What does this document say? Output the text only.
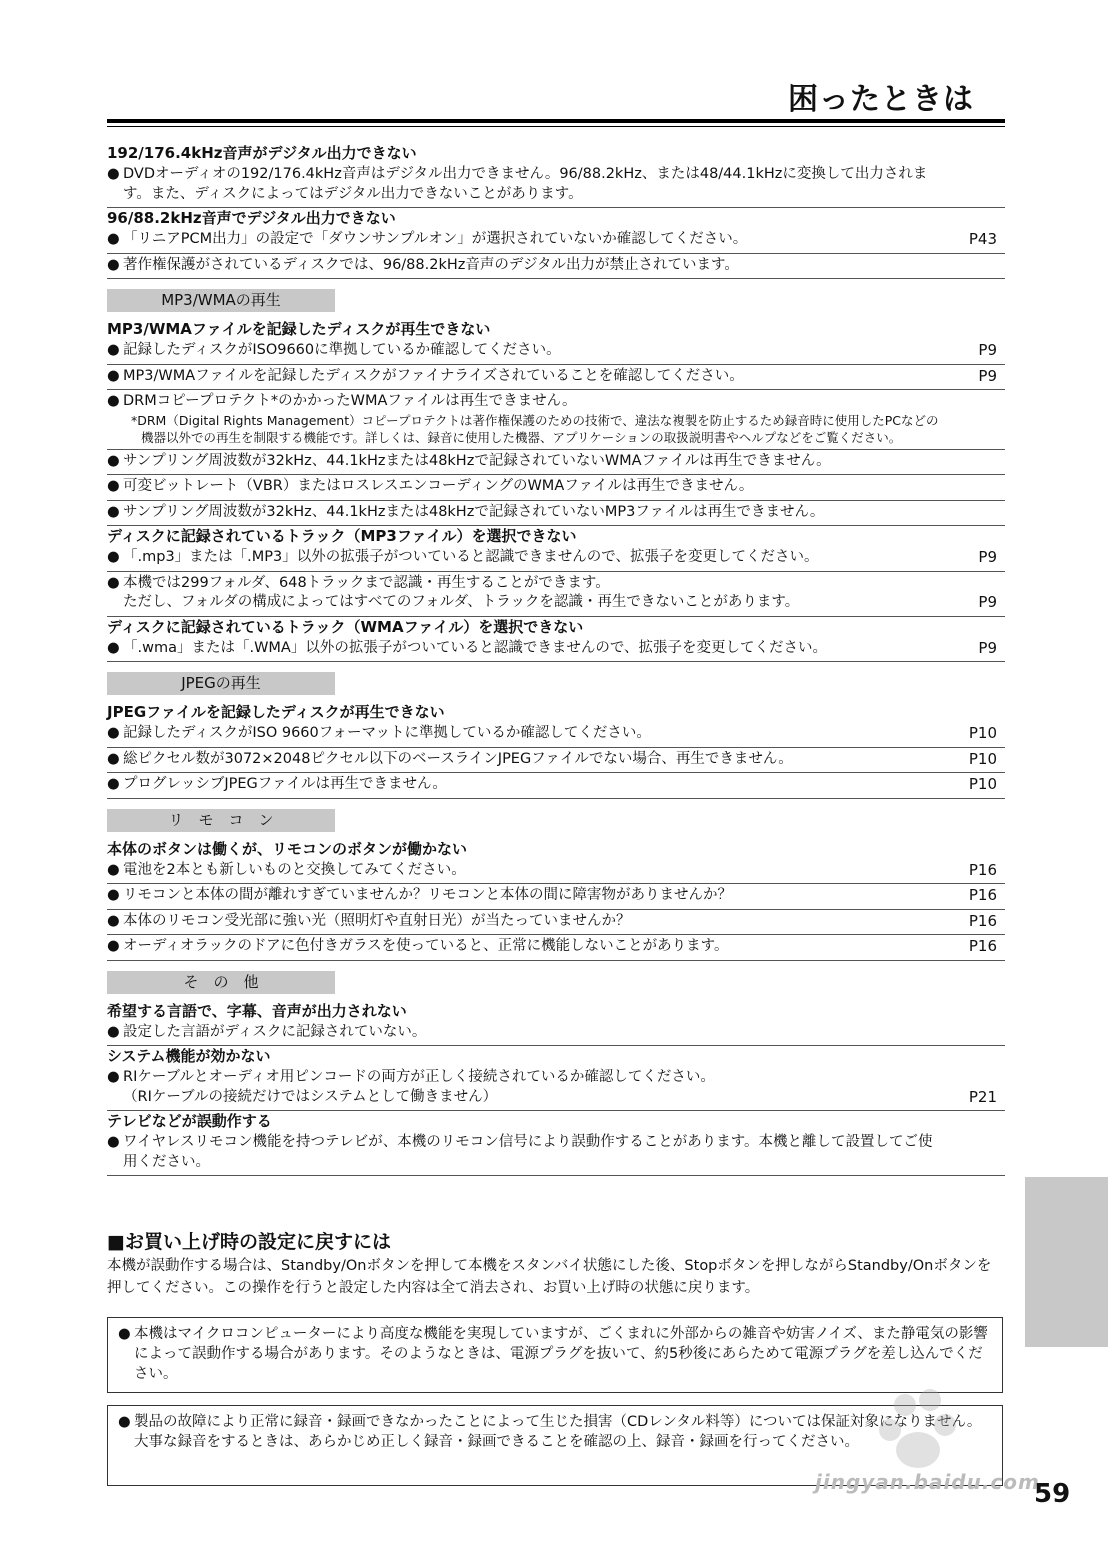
困ったときは
192/176.4kHz音声がデジタル出力できない
● DVDオーディオの192/176.4kHz音声はデジタル出力できません。96/88.2kHz、または48/44.1kHzに変換して出力されます。また、ディスクによってはデジタル出力できないことがあります。
96/88.2kHz音声でデジタル出力できない
● 「リニアPCM出力」の設定で「ダウンサンプルオン」が選択されていないか確認してください。	P43
● 著作権保護がされているディスクでは、96/88.2kHz音声のデジタル出力が禁止されています。
MP3/WMAの再生
MP3/WMAファイルを記録したディスクが再生できない
● 記録したディスクがISO9660に準拠しているか確認してください。	P9
● MP3/WMAファイルを記録したディスクがファイナライズされていることを確認してください。	P9
● DRMコピープロテクト*のかかったWMAファイルは再生できません。
*DRM（Digital Rights Management）コピープロテクトは著作権保護のための技術で、違法な複製を防止するため録音時に使用したPCなどの機器以外での再生を制限する機能です。詳しくは、録音に使用した機器、アプリケーションの取扱説明書やヘルプなどをご覧ください。
● サンプリング周波数が32kHz、44.1kHzまたは48kHzで記録されていないWMAファイルは再生できません。
● 可変ビットレート（VBR）またはロスレスエンコーディングのWMAファイルは再生できません。
● サンプリング周波数が32kHz、44.1kHzまたは48kHzで記録されていないMP3ファイルは再生できません。
ディスクに記録されているトラック（MP3ファイル）を選択できない
● 「.mp3」または「.MP3」以外の拡張子がついていると認識できませんので、拡張子を変更してください。	P9
● 本機では299フォルダ、648トラックまで認識・再生することができます。
ただし、フォルダの構成によってはすべてのフォルダ、トラックを認識・再生できないことがあります。	P9
ディスクに記録されているトラック（WMAファイル）を選択できない
● 「.wma」または「.WMA」以外の拡張子がついていると認識できませんので、拡張子を変更してください。	P9
JPEGの再生
JPEGファイルを記録したディスクが再生できない
● 記録したディスクがISO 9660フォーマットに準拠しているか確認してください。	P10
● 総ピクセル数が3072×2048ピクセル以下のベースラインJPEGファイルでない場合、再生できません。	P10
● プログレッシブJPEGファイルは再生できません。	P10
リ　モ　コ　ン
本体のボタンは働くが、リモコンのボタンが働かない
● 電池を2本とも新しいものと交換してみてください。	P16
● リモコンと本体の間が離れすぎていませんか？リモコンと本体の間に障害物がありませんか？	P16
● 本体のリモコン受光部に強い光（照明灯や直射日光）が当たっていませんか？	P16
● オーディオラックのドアに色付きガラスを使っていると、正常に機能しないことがあります。	P16
そ　の　他
希望する言語で、字幕、音声が出力されない
● 設定した言語がディスクに記録されていない。
システム機能が効かない
● RIケーブルとオーディオ用ピンコードの両方が正しく接続されているか確認してください。
（RIケーブルの接続だけではシステムとして働きません）	P21
テレビなどが誤動作する
● ワイヤレスリモコン機能を持つテレビが、本機のリモコン信号により誤動作することがあります。本機と離して設置してご使用ください。
■お買い上げ時の設定に戻すには
本機が誤動作する場合は、Standby/Onボタンを押して本機をスタンバイ状態にした後、Stopボタンを押しながらStandby/Onボタンを押してください。この操作を行うと設定した内容は全て消去され、お買い上げ時の状態に戻ります。
● 本機はマイクロコンピューターにより高度な機能を実現していますが、ごくまれに外部からの雑音や妨害ノイズ、また静電気の影響によって誤動作する場合があります。そのようなときは、電源プラグを抜いて、約5秒後にあらためて電源プラグを差し込んでください。
● 製品の故障により正常に録音・録画できなかったことによって生じた損害（CDレンタル料等）については保証対象になりません。大事な録音をするときは、あらかじめ正しく録音・録画できることを確認の上、録音・録画を行ってください。
jingyan.baidu.com
59
